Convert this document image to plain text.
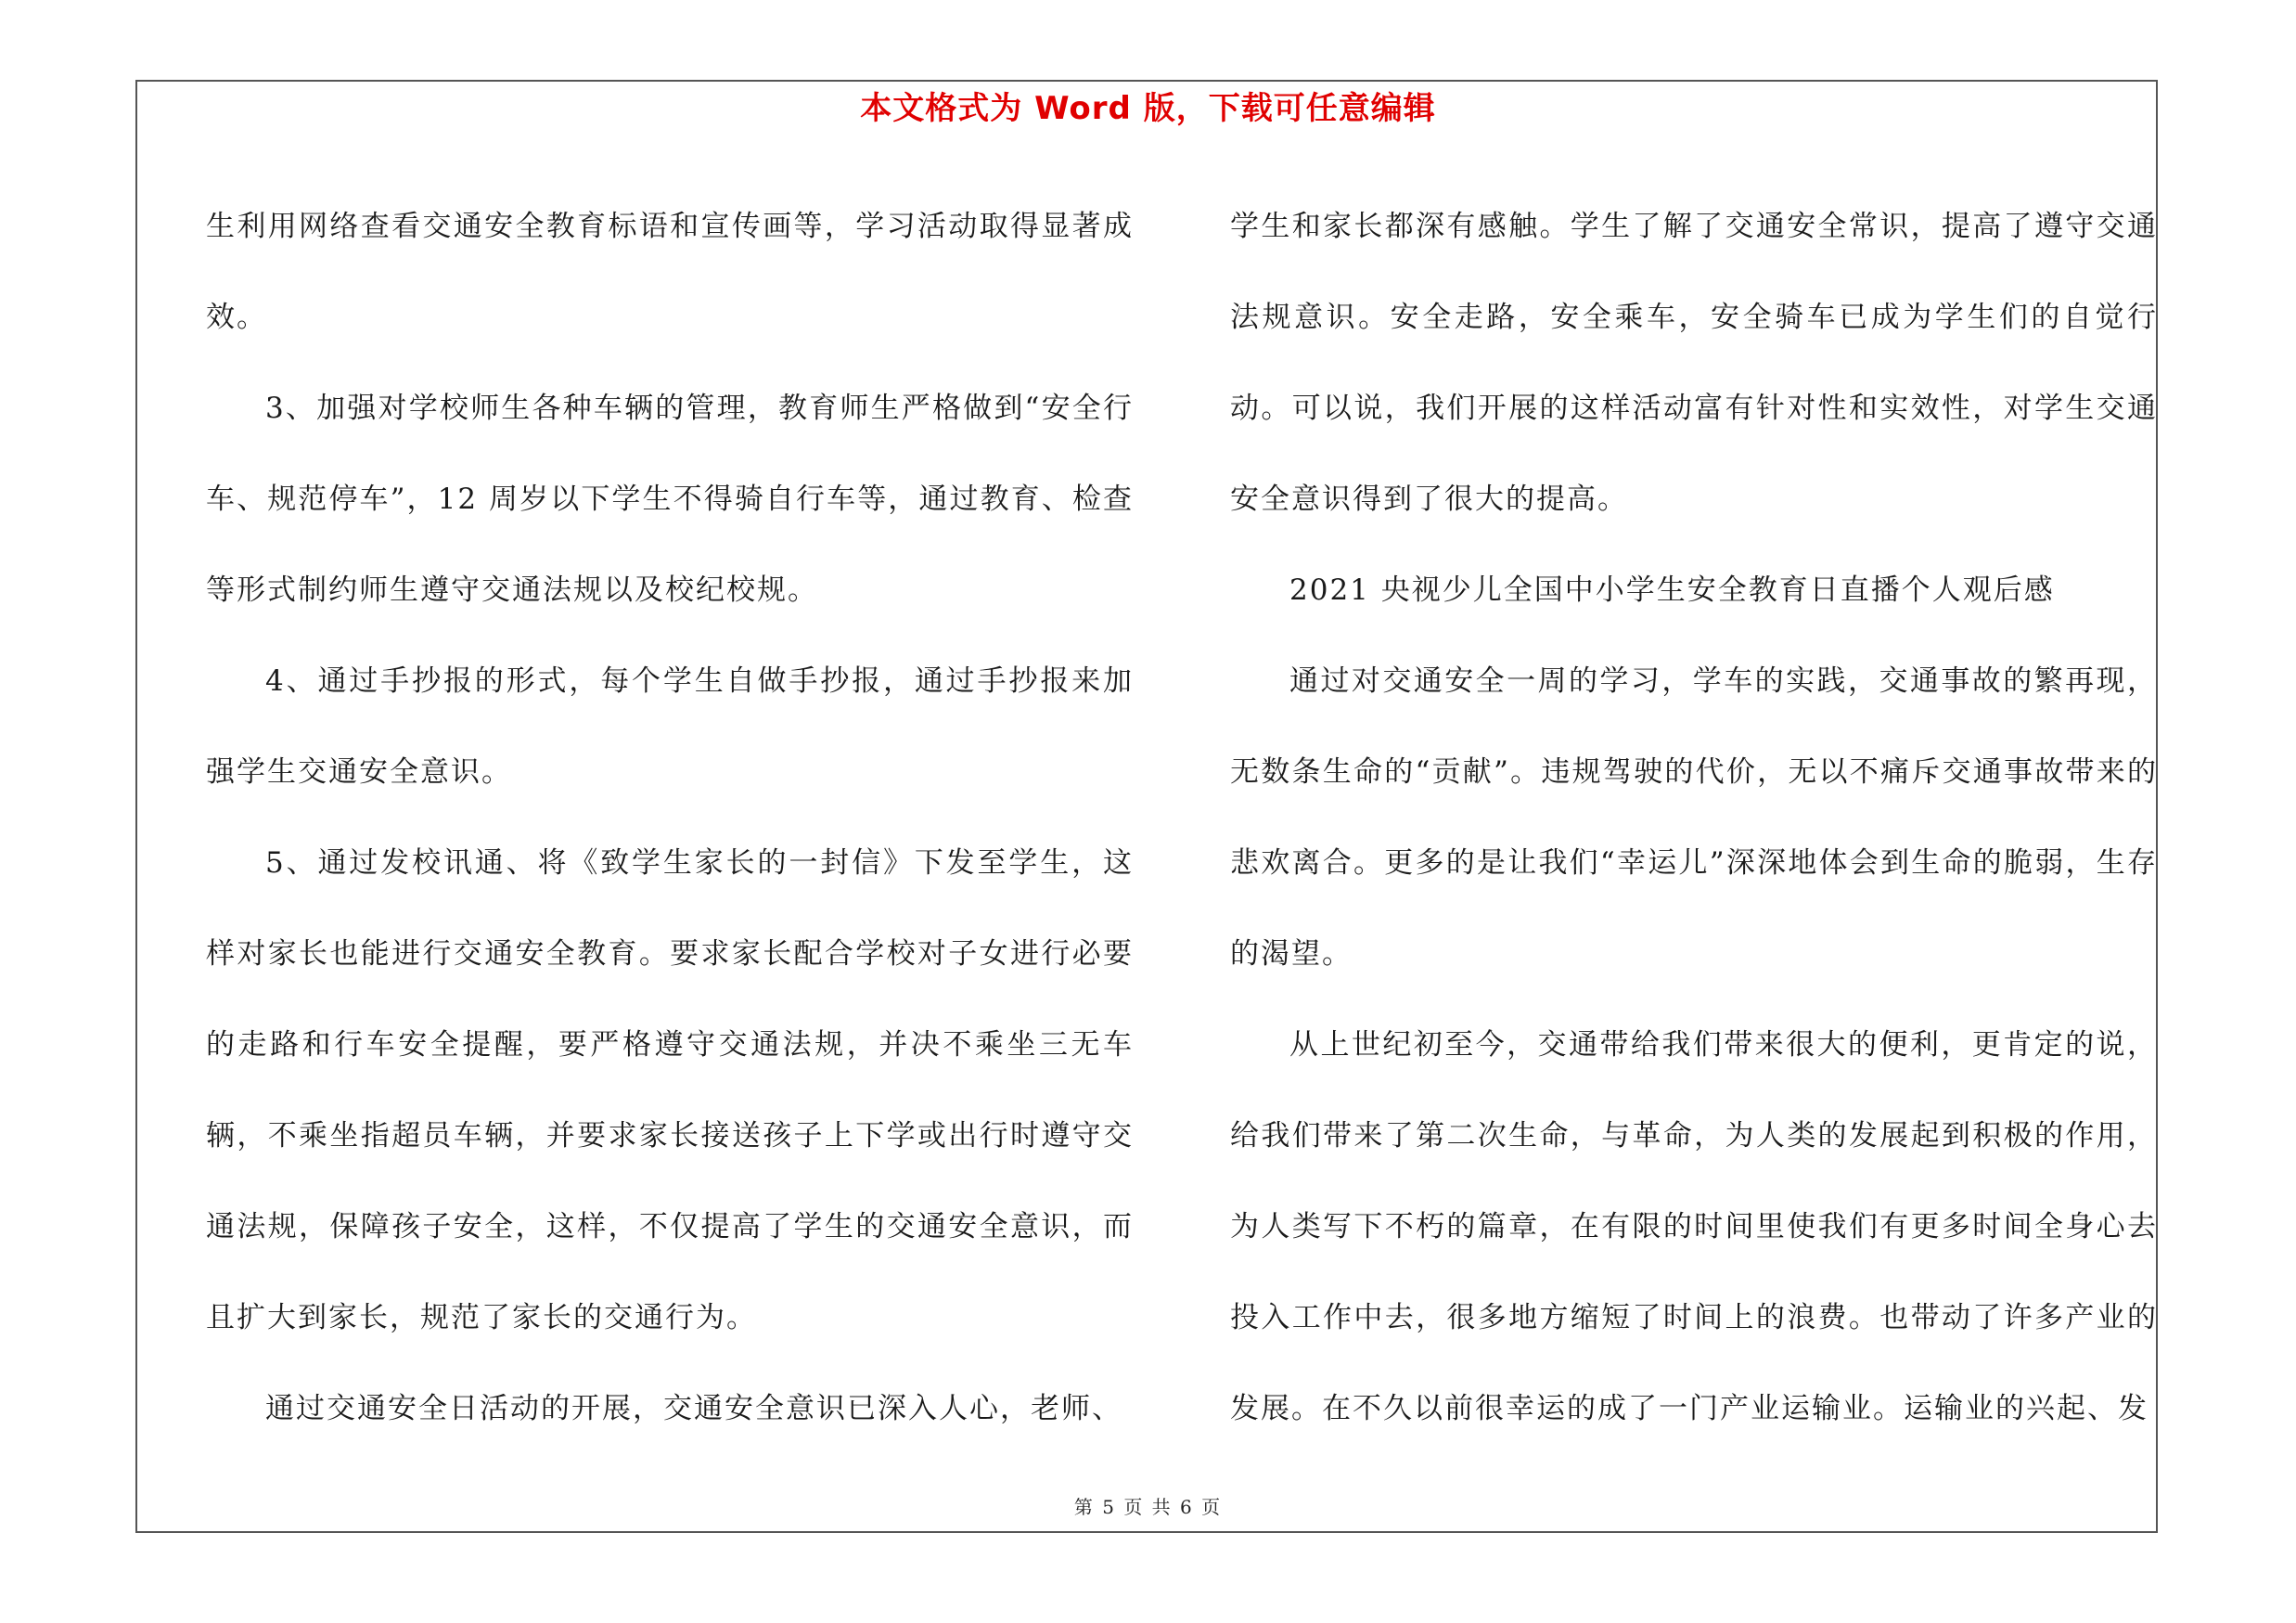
本文格式为 Word 版，下载可任意编辑

生利用网络查看交通安全教育标语和宣传画等，学习活动取得显著成效。

3、加强对学校师生各种车辆的管理，教育师生严格做到“安全行车、规范停车”，12 周岁以下学生不得骑自行车等，通过教育、检查等形式制约师生遵守交通法规以及校纪校规。

4、通过手抄报的形式，每个学生自做手抄报，通过手抄报来加强学生交通安全意识。

5、通过发校讯通、将《致学生家长的一封信》下发至学生，这样对家长也能进行交通安全教育。要求家长配合学校对子女进行必要的走路和行车安全提醒，要严格遵守交通法规，并决不乘坐三无车辆，不乘坐指超员车辆，并要求家长接送孩子上下学或出行时遵守交通法规，保障孩子安全，这样，不仅提高了学生的交通安全意识，而且扩大到家长，规范了家长的交通行为。

通过交通安全日活动的开展，交通安全意识已深入人心，老师、

学生和家长都深有感触。学生了解了交通安全常识，提高了遵守交通法规意识。安全走路，安全乘车，安全骑车已成为学生们的自觉行动。可以说，我们开展的这样活动富有针对性和实效性，对学生交通安全意识得到了很大的提高。

2021 央视少儿全国中小学生安全教育日直播个人观后感

通过对交通安全一周的学习，学车的实践，交通事故的繁再现，无数条生命的“贡献”。违规驾驶的代价，无以不痛斥交通事故带来的悲欢离合。更多的是让我们“幸运儿”深深地体会到生命的脆弱，生存的渴望。

从上世纪初至今，交通带给我们带来很大的便利，更肯定的说，给我们带来了第二次生命，与革命，为人类的发展起到积极的作用，为人类写下不朽的篇章，在有限的时间里使我们有更多时间全身心去投入工作中去，很多地方缩短了时间上的浪费。也带动了许多产业的发展。在不久以前很幸运的成了一门产业运输业。运输业的兴起、发

第 5 页 共 6 页
